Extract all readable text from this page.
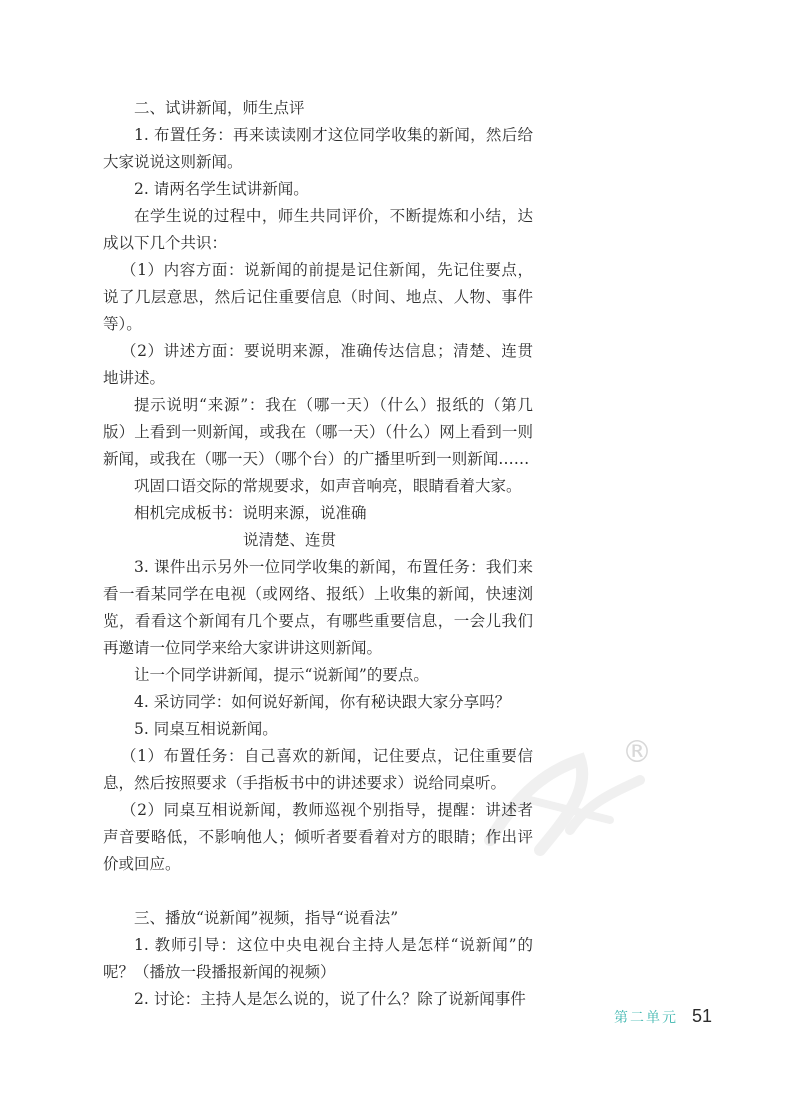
®

二、试讲新闻，师生点评

1. 布置任务：再来读读刚才这位同学收集的新闻，然后给大家说说这则新闻。

2. 请两名学生试讲新闻。

在学生说的过程中，师生共同评价，不断提炼和小结，达成以下几个共识：

（1）内容方面：说新闻的前提是记住新闻，先记住要点，说了几层意思，然后记住重要信息（时间、地点、人物、事件等）。

（2）讲述方面：要说明来源，准确传达信息；清楚、连贯地讲述。

提示说明“来源”：我在（哪一天）（什么）报纸的（第几版）上看到一则新闻，或我在（哪一天）（什么）网上看到一则新闻，或我在（哪一天）（哪个台）的广播里听到一则新闻……

巩固口语交际的常规要求，如声音响亮，眼睛看着大家。

相机完成板书：说明来源，说准确

说清楚、连贯

3. 课件出示另外一位同学收集的新闻，布置任务：我们来看一看某同学在电视（或网络、报纸）上收集的新闻，快速浏览，看看这个新闻有几个要点，有哪些重要信息，一会儿我们再邀请一位同学来给大家讲讲这则新闻。

让一个同学讲新闻，提示“说新闻”的要点。

4. 采访同学：如何说好新闻，你有秘诀跟大家分享吗？

5. 同桌互相说新闻。

（1）布置任务：自己喜欢的新闻，记住要点，记住重要信息，然后按照要求（手指板书中的讲述要求）说给同桌听。

（2）同桌互相说新闻，教师巡视个别指导，提醒：讲述者声音要略低，不影响他人；倾听者要看着对方的眼睛；作出评价或回应。

三、播放“说新闻”视频，指导“说看法”

1. 教师引导：这位中央电视台主持人是怎样“说新闻”的呢？（播放一段播报新闻的视频）

2. 讨论：主持人是怎么说的，说了什么？除了说新闻事件

第二单元 51
